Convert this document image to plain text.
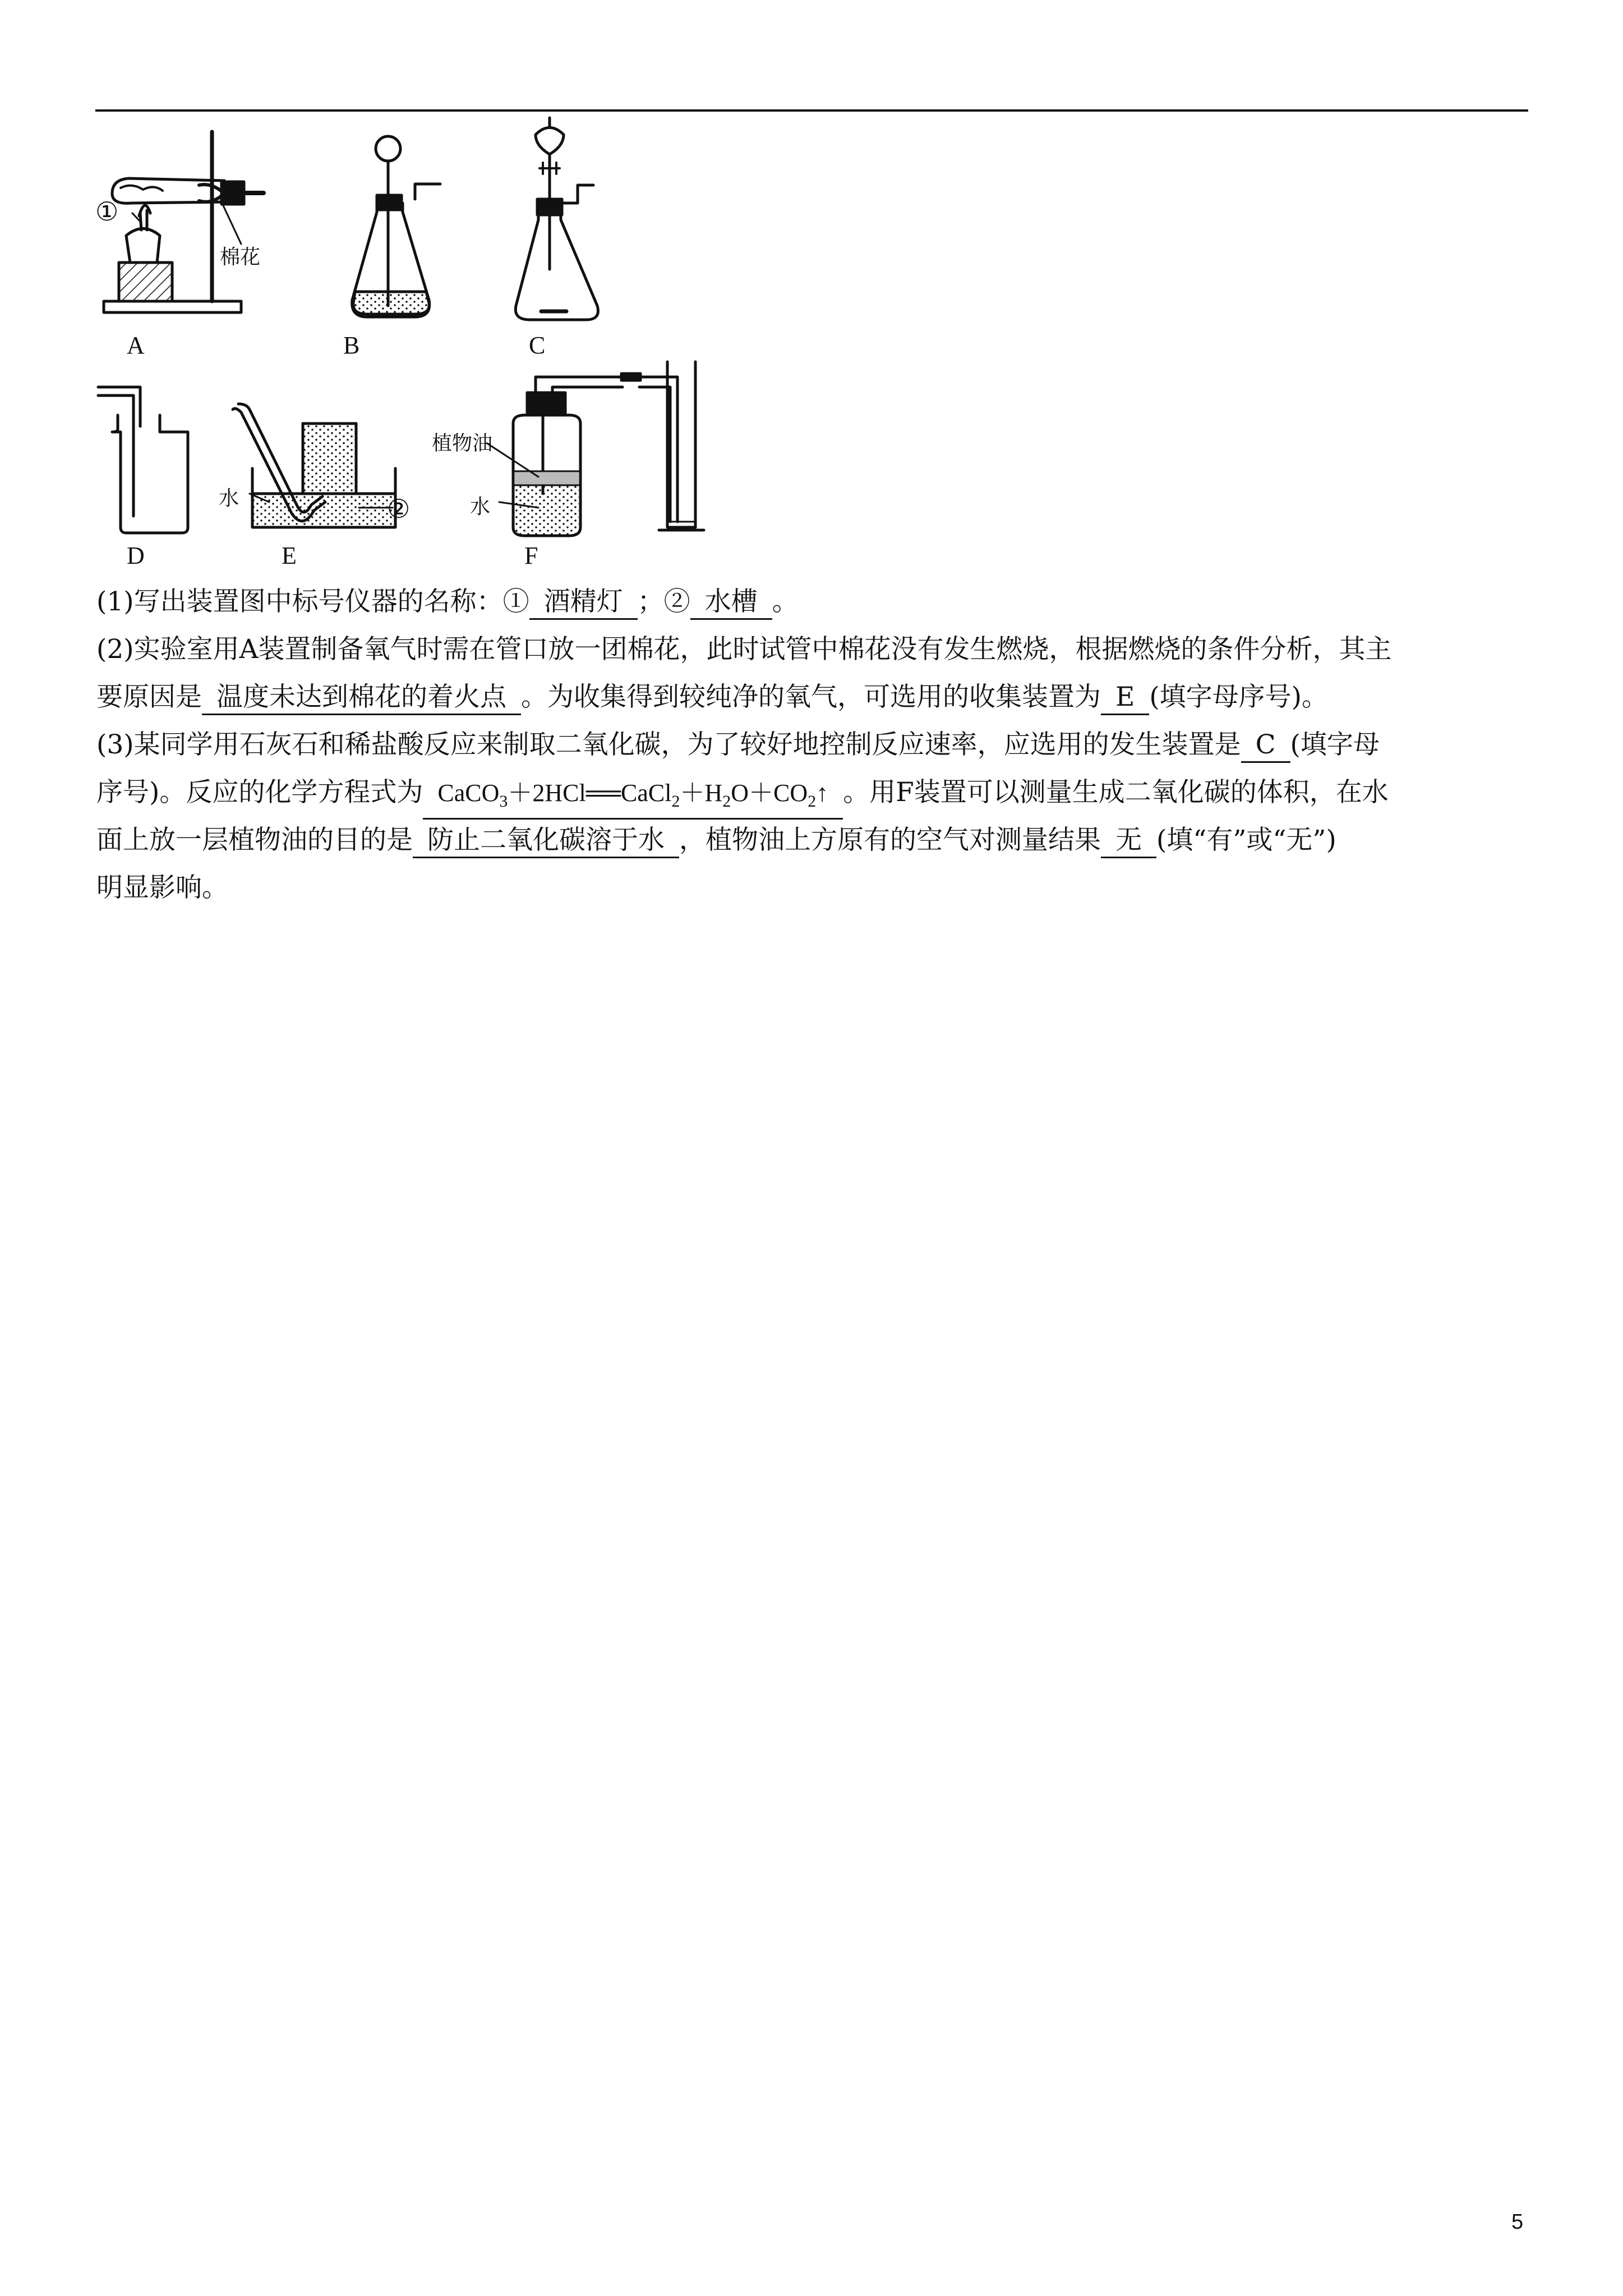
A	B	C
D	E	F
①
棉花
水	②
植物油
水
(1)写出装置图中标号仪器的名称：① 酒精灯 ；② 水槽 。
(2)实验室用A装置制备氧气时需在管口放一团棉花，此时试管中棉花没有发生燃烧，根据燃烧的条件分析，其主
要原因是 温度未达到棉花的着火点 。为收集得到较纯净的氧气，可选用的收集装置为 E (填字母序号)。
(3)某同学用石灰石和稀盐酸反应来制取二氧化碳，为了较好地控制反应速率，应选用的发生装置是 C (填字母
序号)。反应的化学方程式为 $CaCO_3+2HCl══CaCl_2+H_2O+CO_2↑$ 。用F装置可以测量生成二氧化碳的体积，在水
面上放一层植物油的目的是 防止二氧化碳溶于水 ，植物油上方原有的空气对测量结果 无 (填“有”或“无”)
明显影响。
5
